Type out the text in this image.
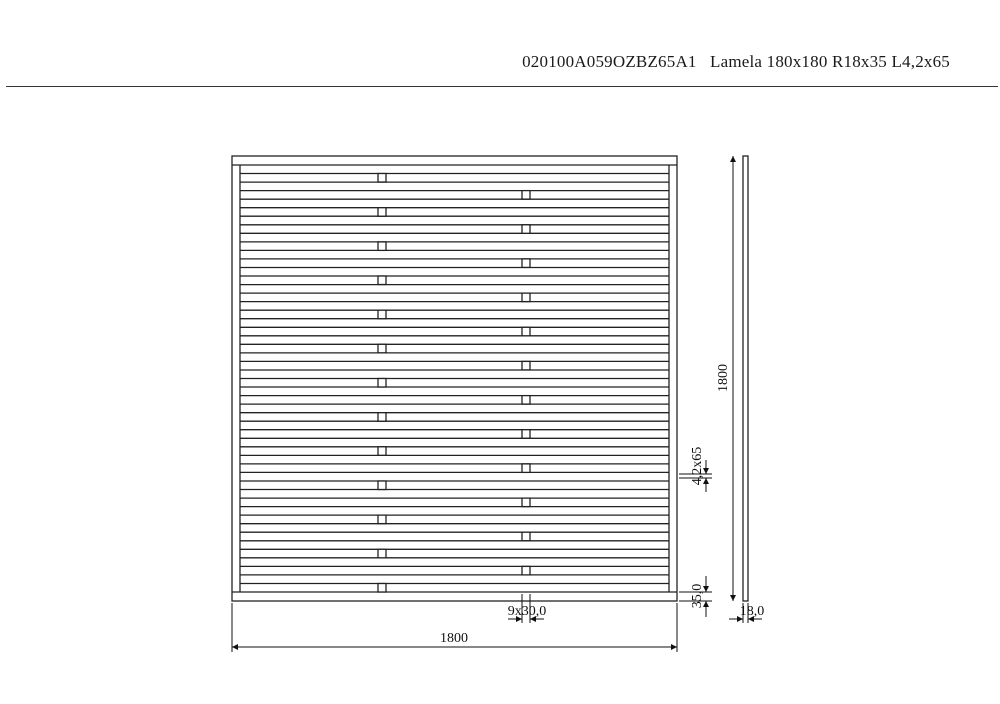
020100A059OZBZ65A1 Lamela 180x180 R18x35 L4,2x65
1800
9x30,0	18,0
1800
4,2x65
35,0
